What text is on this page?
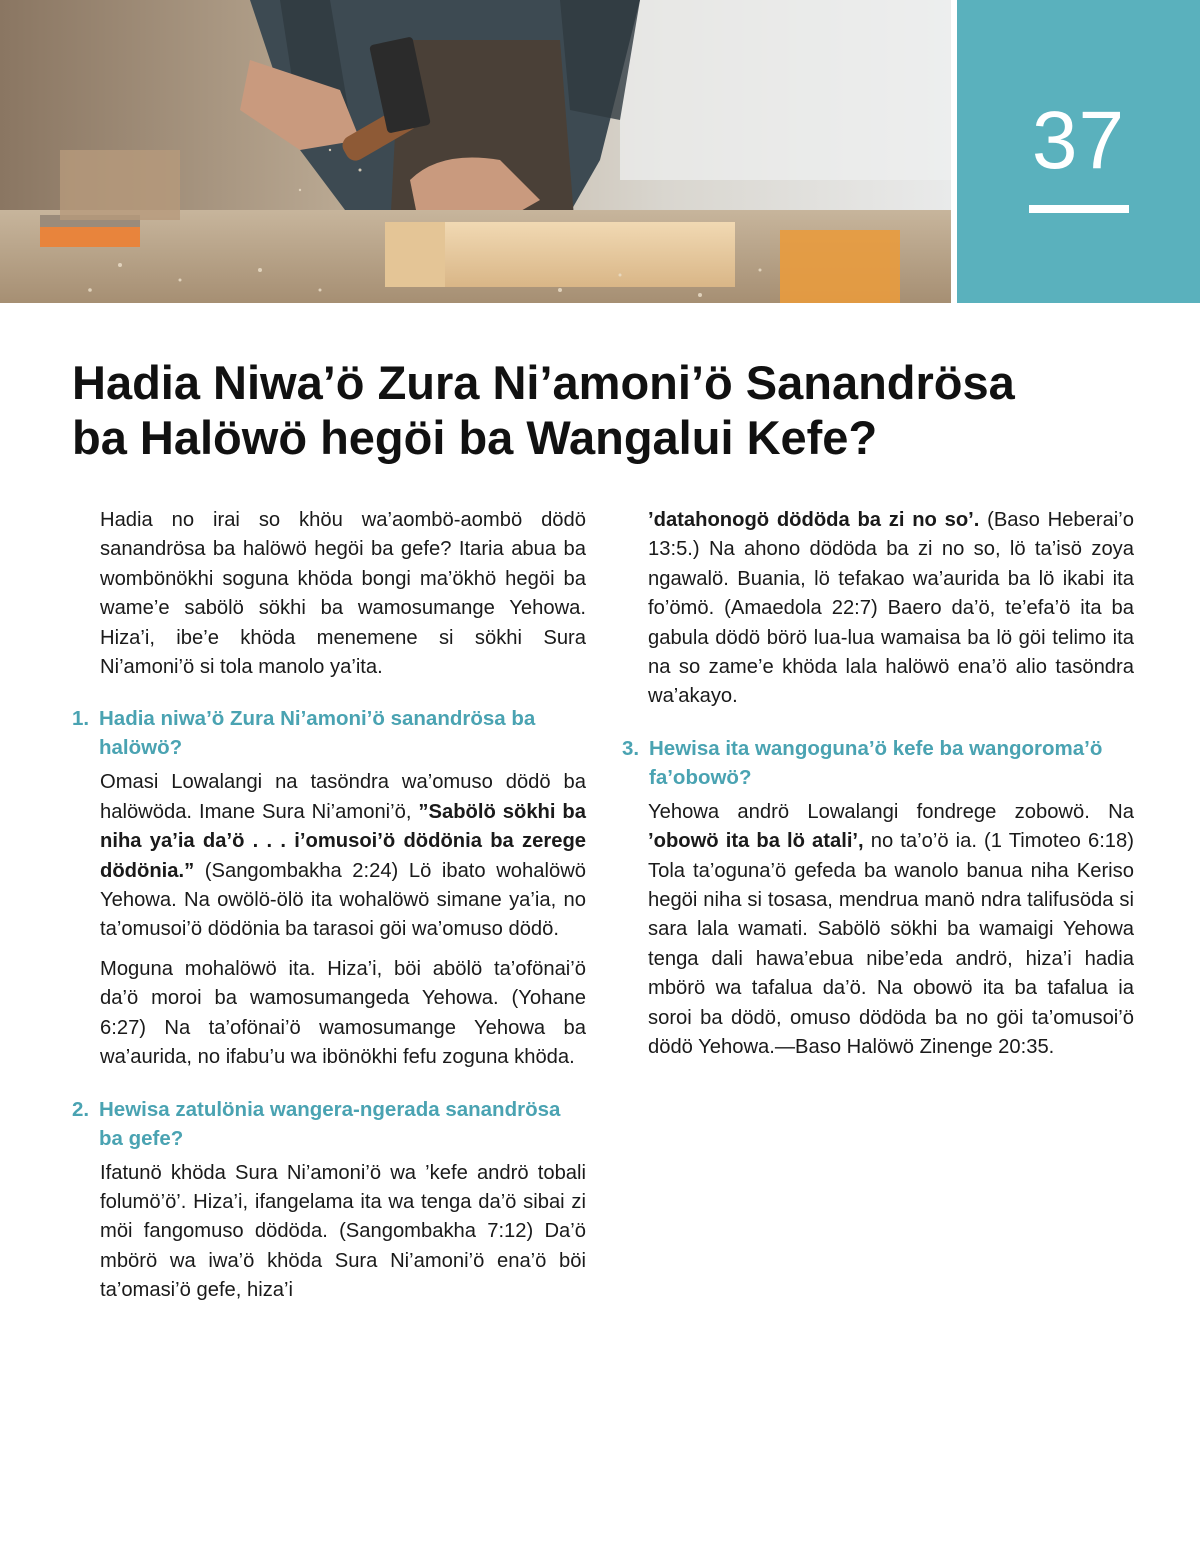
37
Hadia Niwa’ö Zura Ni’amoni’ö Sanandrösa
ba Halöwö hegöi ba Wangalui Kefe?

Hadia no irai so khöu wa’aombö-aombö dödö sanandrösa ba halöwö hegöi ba gefe? Itaria abua ba wombönökhi soguna khöda bongi ma’ökhö hegöi ba wame’e sabölö sökhi ba wamosumange Yehowa. Hiza’i, ibe’e khöda menemene si sökhi Sura Ni’amoni’ö si tola manolo ya’ita.

1. Hadia niwa’ö Zura Ni’amoni’ö sanandrösa ba halöwö?

Omasi Lowalangi na tasöndra wa’omuso dödö ba halöwöda. Imane Sura Ni’amoni’ö, ”Sabölö sökhi ba niha ya’ia da’ö . . . i’omusoi’ö dödönia ba zerege dödönia.” (Sangombakha 2:24) Lö ibato wohalöwö Yehowa. Na owölö-ölö ita wohalöwö simane ya’ia, no ta’omusoi’ö dödönia ba tarasoi göi wa’omuso dödö.

Moguna mohalöwö ita. Hiza’i, böi abölö ta’ofönai’ö da’ö moroi ba wamosumangeda Yehowa. (Yohane 6:27) Na ta’ofönai’ö wamosumange Yehowa ba wa’aurida, no ifabu’u wa ibönökhi fefu zoguna khöda.

2. Hewisa zatulönia wangera-ngerada sanandrösa ba gefe?

Ifatunö khöda Sura Ni’amoni’ö wa ’kefe andrö tobali folumö’ö’. Hiza’i, ifangelama ita wa tenga da’ö sibai zi möi fangomuso dödöda. (Sangombakha 7:12) Da’ö mbörö wa iwa’ö khöda Sura Ni’amoni’ö ena’ö böi ta’omasi’ö gefe, hiza’i

’datahonogö dödöda ba zi no so’. (Baso Heberai’o 13:5.) Na ahono dödöda ba zi no so, lö ta’isö zoya ngawalö. Buania, lö tefakao wa’aurida ba lö ikabi ita fo’ömö. (Amaedola 22:7) Baero da’ö, te’efa’ö ita ba gabula dödö börö lua-lua wamaisa ba lö göi telimo ita na so zame’e khöda lala halöwö ena’ö alio tasöndra wa’akayo.

3. Hewisa ita wangoguna’ö kefe ba wangoroma’ö fa’obowö?

Yehowa andrö Lowalangi fondrege zobowö. Na ’obowö ita ba lö atali’, no ta’o’ö ia. (1 Timoteo 6:18) Tola ta’oguna’ö gefeda ba wanolo banua niha Keriso hegöi niha si tosasa, mendrua manö ndra talifusöda si sara lala wamati. Sabölö sökhi ba wamaigi Yehowa tenga dali hawa’ebua nibe’eda andrö, hiza’i hadia mbörö wa tafalua da’ö. Na obowö ita ba tafalua ia soroi ba dödö, omuso dödöda ba no göi ta’omusoi’ö dödö Yehowa.—Baso Halöwö Zinenge 20:35.
